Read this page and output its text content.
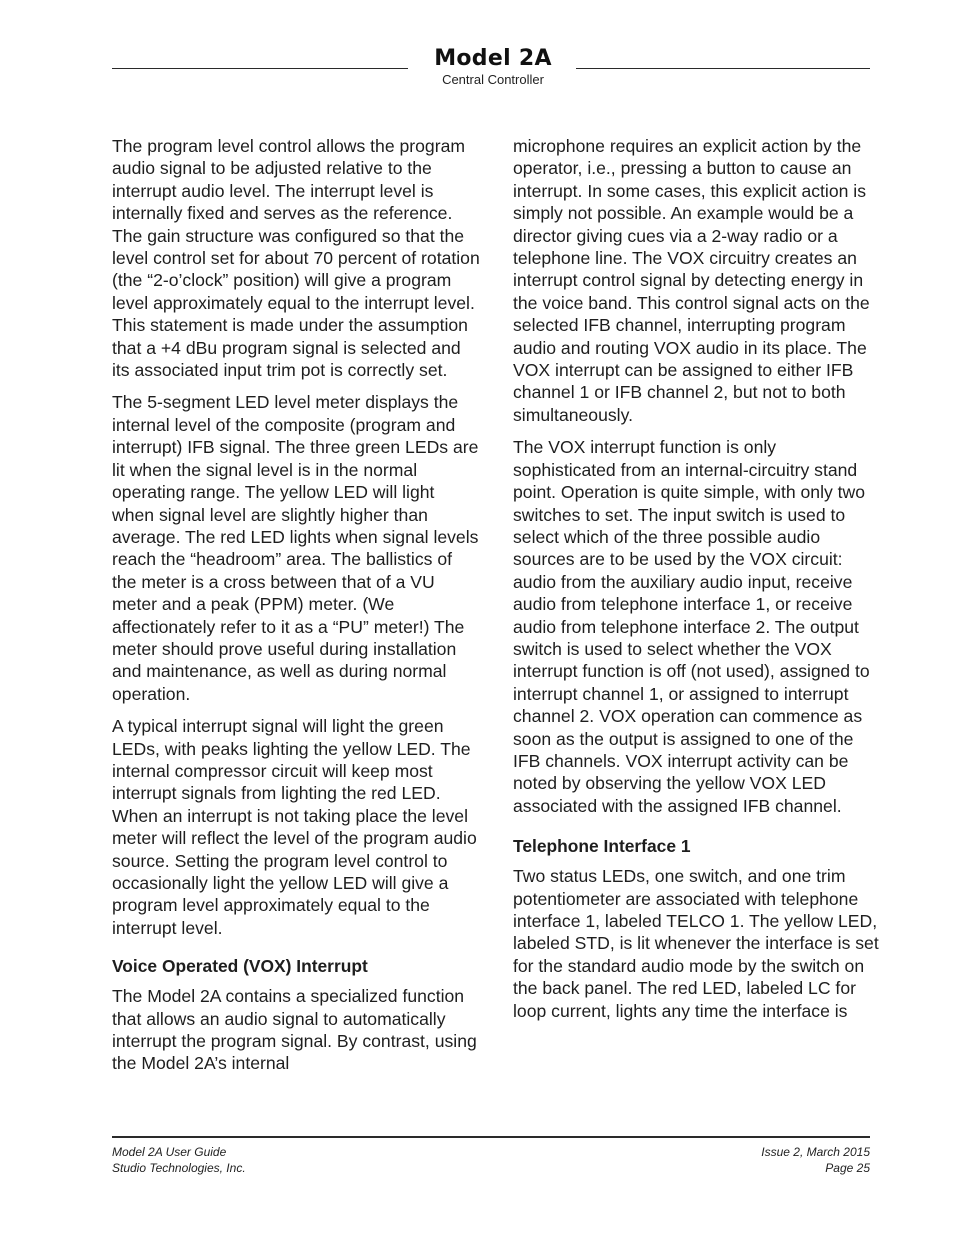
Model 2A
Central Controller

The program level control allows the program audio signal to be adjusted relative to the interrupt audio level. The interrupt level is internally fixed and serves as the reference. The gain structure was configured so that the level control set for about 70 percent of rotation (the “2-o’clock” position) will give a program level approximately equal to the interrupt level. This statement is made under the assumption that a +4 dBu program signal is selected and its associated input trim pot is correctly set.

The 5-segment LED level meter displays the internal level of the composite (program and interrupt) IFB signal. The three green LEDs are lit when the signal level is in the normal operating range. The yellow LED will light when signal level are slightly higher than average. The red LED lights when signal levels reach the “headroom” area. The ballistics of the meter is a cross between that of a VU meter and a peak (PPM) meter. (We affectionately refer to it as a “PU” meter!) The meter should prove useful during installation and maintenance, as well as during normal operation.

A typical interrupt signal will light the green LEDs, with peaks lighting the yellow LED. The internal compressor circuit will keep most interrupt signals from lighting the red LED. When an interrupt is not taking place the level meter will reflect the level of the program audio source. Setting the program level control to occasionally light the yellow LED will give a program level approximately equal to the interrupt level.

Voice Operated (VOX) Interrupt

The Model 2A contains a specialized function that allows an audio signal to automatically interrupt the program signal. By contrast, using the Model 2A’s internal

microphone requires an explicit action by the operator, i.e., pressing a button to cause an interrupt. In some cases, this explicit action is simply not possible. An example would be a director giving cues via a 2-way radio or a telephone line. The VOX circuitry creates an interrupt control signal by detecting energy in the voice band. This control signal acts on the selected IFB channel, interrupting program audio and routing VOX audio in its place. The VOX interrupt can be assigned to either IFB channel 1 or IFB channel 2, but not to both simultaneously.

The VOX interrupt function is only sophisticated from an internal-circuitry stand point. Operation is quite simple, with only two switches to set. The input switch is used to select which of the three possible audio sources are to be used by the VOX circuit: audio from the auxiliary audio input, receive audio from telephone interface 1, or receive audio from telephone interface 2. The output switch is used to select whether the VOX interrupt function is off (not used), assigned to interrupt channel 1, or assigned to interrupt channel 2. VOX operation can commence as soon as the output is assigned to one of the IFB channels. VOX interrupt activity can be noted by observing the yellow VOX LED associated with the assigned IFB channel.

Telephone Interface 1

Two status LEDs, one switch, and one trim potentiometer are associated with telephone interface 1, labeled TELCO 1. The yellow LED, labeled STD, is lit whenever the interface is set for the standard audio mode by the switch on the back panel. The red LED, labeled LC for loop current, lights any time the interface is

Model 2A User Guide
Studio Technologies, Inc.
Issue 2, March 2015
Page 25
